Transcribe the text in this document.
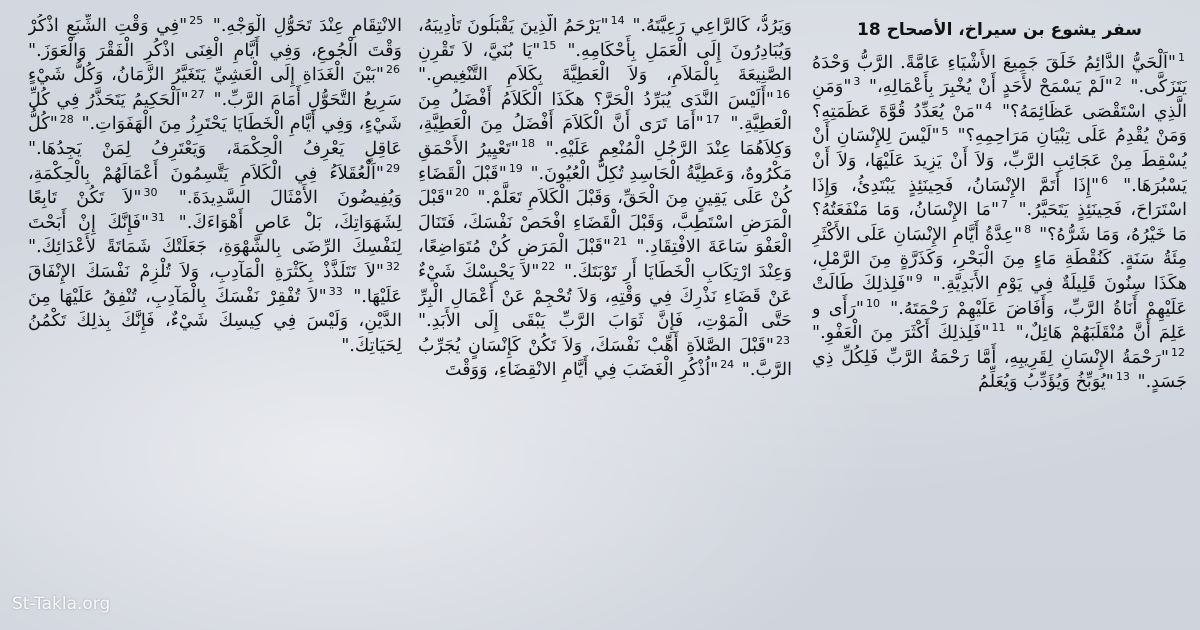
سفر يشوع بن سيراخ، الأصحاح 18
$^1$"اَلْحَيُّ الدَّائِمُ خَلَقَ جَمِيعَ الأَشْيَاءِ عَامَّةً. الرَّبُّ وَحْدَهُ يَتَزَكَّى." $^2$"لَمْ يَسْمَحْ لأَحَدٍ أَنْ يُخْبِرَ بِأَعْمَالِهِ،" $^3$"وَمَنِ الَّذِي اسْتَقْصَى عَظَائِمَهُ؟" $^4$"مَنْ يُعَدِّدُ قُوَّةَ عَظَمَتِهِ؟ وَمَنْ يُقْدِمُ عَلَى تِبْيَانِ مَرَاحِمِهِ؟" $^5$"لَيْسَ لِلإِنْسَانِ أَنْ يُسْقِطَ مِنْ عَجَائِبِ الرَّبِّ، وَلاَ أَنْ يَزِيدَ عَلَيْهَا، وَلاَ أَنْ يَسْبُرَهَا." $^6$"إِذَا أَتَمَّ الإِنْسَانُ، فَحِينَئِذٍ يَبْتَدِئُ، وَإِذَا اسْتَرَاحَ، فَحِينَئِذٍ يَتَحَيَّرُ." $^7$"مَا الإِنْسَانُ، وَمَا مَنْفَعَتُهُ؟ مَا خَيْرُهُ، وَمَا شَرُّهُ؟" $^8$"عِدَّةُ أَيَّامِ الإِنْسَانِ عَلَى الأَكْثَرِ مِئَةُ سَنَةٍ. كَنُقْطَةِ مَاءٍ مِنَ الْبَحْرِ، وَكَذَرَّةٍ مِنَ الرَّمْلِ، هكَذَا سِنُونَ قَلِيلَةٌ فِي يَوْمِ الأَبَدِيَّةِ." $^9$"فَلِذلِكَ طَالَتْ عَلَيْهِمْ أَنَاةُ الرَّبِّ، وَأَفَاضَ عَلَيْهِمْ رَحْمَتَهُ." $^{10}$"رَأَى و عَلِمَ أَنَّ مُنْقَلَبَهُمْ هَائِلٌ،" $^{11}$"فَلِذلِكَ أَكْثَرَ مِنَ الْعَفْوِ." $^{12}$"رَحْمَةُ الإِنْسَانِ لِقَرِيبِهِ، أَمَّا رَحْمَةُ الرَّبِّ فَلِكُلِّ ذِي جَسَدٍ." $^{13}$"يُوَبِّخُ وَيُؤَدِّبُ وَيُعَلِّمُ
وَيَرُدُّ، كَالرَّاعِي رَعِيَّتَهُ." $^{14}$"يَرْحَمُ الَّذِينَ يَقْبَلُونَ تَأْدِيبَهُ، وَيُبَادِرُونَ إِلَى الْعَمَلِ بِأَحْكَامِهِ." $^{15}$"يَا بُنَيَّ، لاَ تَقْرِنِ الصَّنِيعَةَ بِالْمَلاَمِ، وَلاَ الْعَطِيَّةَ بِكَلاَمِ التَّنْغِيصِ." $^{16}$"أَلَيْسَ النَّدَى يُبَرِّدُ الْحَرَّ؟ هكَذَا الْكَلاَمُ أَفْضَلُ مِنَ الْعَطِيَّةِ." $^{17}$"أَمَا تَرَى أَنَّ الْكَلاَمَ أَفْضَلُ مِنَ الْعَطِيَّةِ، وَكِلاَهُمَا عِنْدَ الرَّجُلِ الْمُنْعِمِ عَلَيْهِ." $^{18}$"تَعْيِيرُ الأَحْمَقِ مَكْرُوهٌ، وَعَطِيَّةُ الْحَاسِدِ تُكِلُّ الْعُيُونَ." $^{19}$"قَبْلَ الْقَضَاءِ كُنْ عَلَى يَقِينٍ مِنَ الْحَقِّ، وَقَبْلَ الْكَلاَمِ تَعَلَّمْ." $^{20}$"قَبْلَ الْمَرَضِ اسْتَطِبَّ، وَقَبْلَ الْقَضَاءِ افْحَصْ نَفْسَكَ، فَتَنَالَ الْعَفْوَ سَاعَةَ الافْتِقَادِ." $^{21}$"قَبْلَ الْمَرَضِ كُنْ مُتَوَاضِعًا، وَعِنْدَ ارْتِكَابِ الْخَطَايَا أَرِ تَوْبَتَكَ." $^{22}$"لاَ يَحْبِسْكَ شَيْءٌ عَنْ قَضَاءِ نَذْرِكَ فِي وَقْتِهِ، وَلاَ تُحْجِمْ عَنْ أَعْمَالِ الْبِرِّ حَتَّى الْمَوْتِ، فَإِنَّ ثَوَابَ الرَّبِّ يَبْقَى إِلَى الأَبَدِ." $^{23}$"قَبْلَ الصَّلاَةِ أَهِّبْ نَفْسَكَ، وَلاَ تَكُنْ كَإِنْسَانٍ يُجَرِّبُ الرَّبَّ." $^{24}$"اُذْكُرِ الْغَضَبَ فِي أَيَّامِ الانْقِضَاءِ، وَوَقْتَ
الانْتِقَامِ عِنْدَ تَحَوُّلِ الْوَجْهِ." $^{25}$"فِي وَقْتِ الشِّبَعِ اذْكُرْ وَقْتَ الْجُوعِ، وَفِي أَيَّامِ الْغِنَى اذْكُرِ الْفَقْرَ وَالْعَوَزَ." $^{26}$"بَيْنَ الْغَدَاةِ إِلَى الْعَشِيِّ يَتَغَيَّرُ الزَّمَانُ، وَكُلُّ شَيْءٍ سَرِيعُ التَّحَوُّلِ أَمَامَ الرَّبِّ." $^{27}$"اَلْحَكِيمُ يَتَحَذَّرُ فِي كُلِّ شَيْءٍ، وَفِي أَيَّامِ الْخَطَايَا يَحْتَرِزُ مِنَ الْهَفَوَاتِ." $^{28}$"كُلُّ عَاقِلٍ يَعْرِفُ الْحِكْمَةَ، وَيَعْتَرِفُ لِمَنْ يَجِدُهَا." $^{29}$"اَلْعُقَلاَءُ فِي الْكَلاَمِ يَتَّسِمُونَ أَعْمَالَهُمْ بِالْحِكْمَةِ، وَيُفِيضُونَ الأَمْثَالَ السَّدِيدَةَ." $^{30}$"لاَ تَكُنْ تَابِعًا لِشَهَوَاتِكَ، بَلْ عَاصِ أَهْوَاءَكَ." $^{31}$"فَإِنَّكَ إِنْ أَبَحْتَ لِنَفْسِكَ الرِّضَى بِالشَّهْوَةِ، جَعَلَتْكَ شَمَاتَةً لأَعْدَائِكَ." $^{32}$"لاَ تَتَلَذَّذْ بِكَثْرَةِ الْمَآدِبِ، وَلاَ تُلْزِمْ نَفْسَكَ الإِنْفَاقَ عَلَيْهَا." $^{33}$"لاَ تُفْقِرْ نَفْسَكَ بِالْمَآدِبِ، تُنْفِقُ عَلَيْهَا مِنَ الدَّيْنِ، وَلَيْسَ فِي كِيسِكَ شَيْءٌ، فَإِنَّكَ بِذلِكَ تَكْمُنُ لِحَيَاتِكَ."
St-Takla.org
